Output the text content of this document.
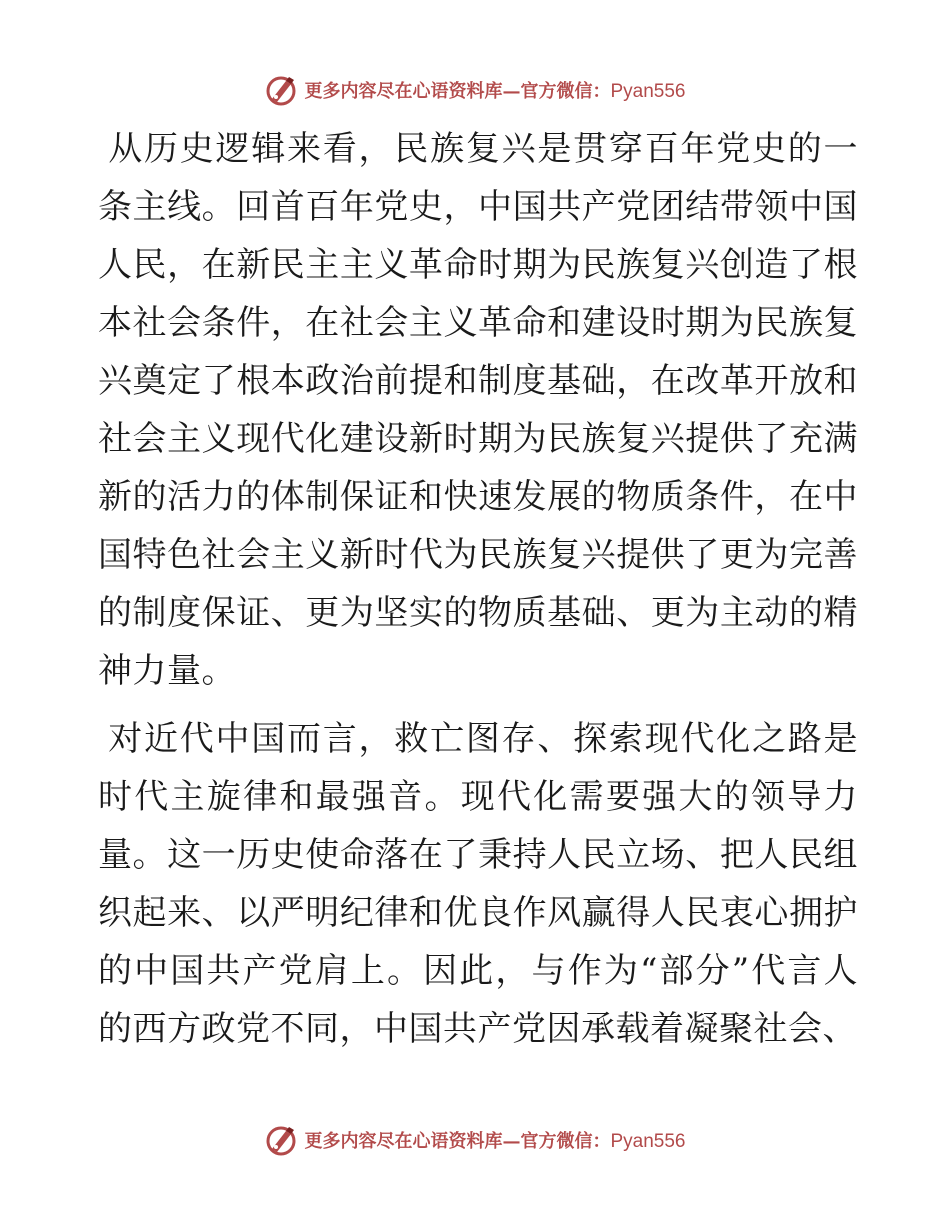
更多内容尽在心语资料库—官方微信：Pyan556

从历史逻辑来看，民族复兴是贯穿百年党史的一条主线。回首百年党史，中国共产党团结带领中国人民，在新民主主义革命时期为民族复兴创造了根本社会条件，在社会主义革命和建设时期为民族复兴奠定了根本政治前提和制度基础，在改革开放和社会主义现代化建设新时期为民族复兴提供了充满新的活力的体制保证和快速发展的物质条件，在中国特色社会主义新时代为民族复兴提供了更为完善的制度保证、更为坚实的物质基础、更为主动的精神力量。

对近代中国而言，救亡图存、探索现代化之路是时代主旋律和最强音。现代化需要强大的领导力量。这一历史使命落在了秉持人民立场、把人民组织起来、以严明纪律和优良作风赢得人民衷心拥护的中国共产党肩上。因此，与作为“部分”代言人的西方政党不同，中国共产党因承载着凝聚社会、

更多内容尽在心语资料库—官方微信：Pyan556
